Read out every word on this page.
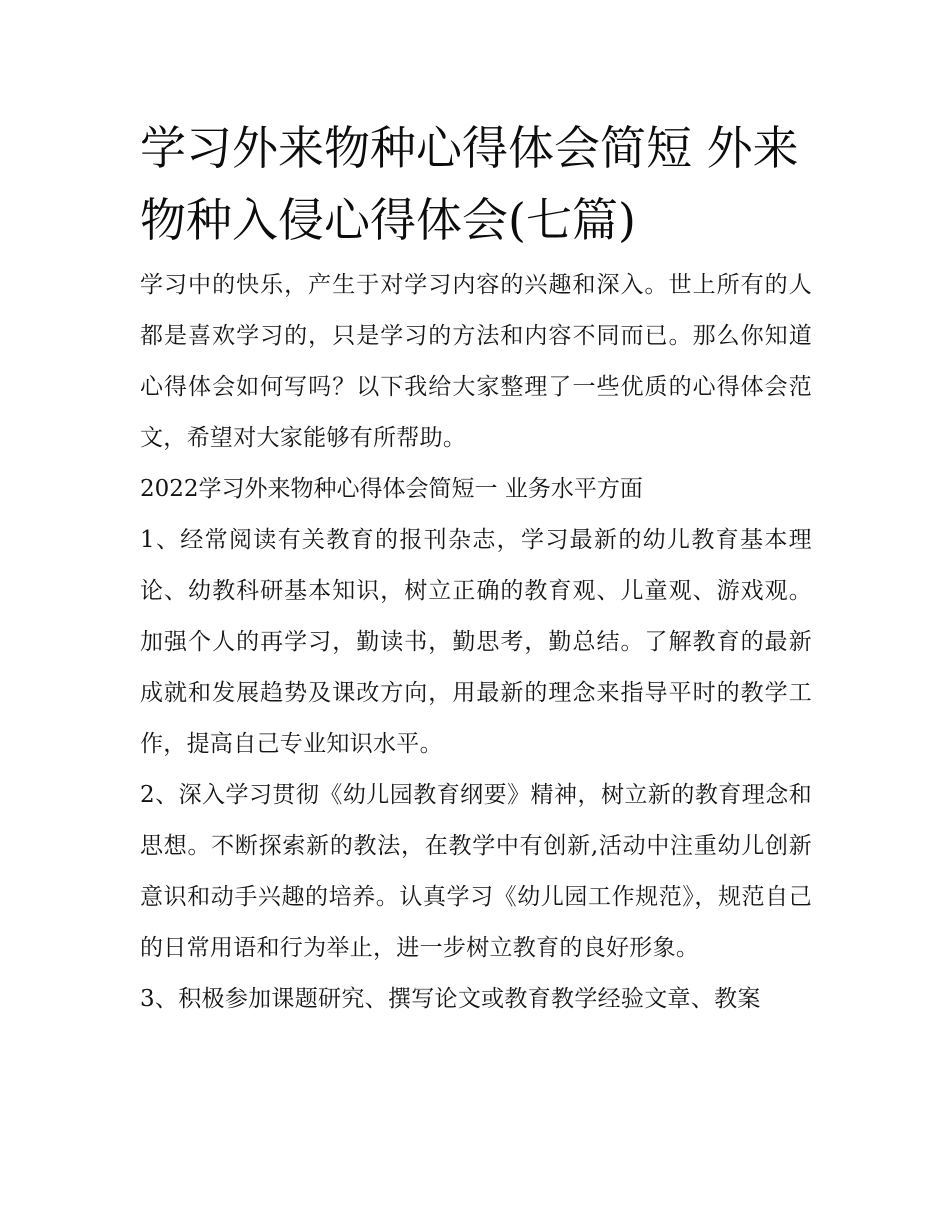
学习外来物种心得体会简短 外来物种入侵心得体会(七篇)

学习中的快乐，产生于对学习内容的兴趣和深入。世上所有的人都是喜欢学习的，只是学习的方法和内容不同而已。那么你知道心得体会如何写吗？以下我给大家整理了一些优质的心得体会范文，希望对大家能够有所帮助。

2022学习外来物种心得体会简短一 业务水平方面

1、经常阅读有关教育的报刊杂志，学习最新的幼儿教育基本理论、幼教科研基本知识，树立正确的教育观、儿童观、游戏观。加强个人的再学习，勤读书，勤思考，勤总结。了解教育的最新成就和发展趋势及课改方向，用最新的理念来指导平时的教学工作，提高自己专业知识水平。

2、深入学习贯彻《幼儿园教育纲要》精神，树立新的教育理念和思想。不断探索新的教法，在教学中有创新,活动中注重幼儿创新意识和动手兴趣的培养。认真学习《幼儿园工作规范》，规范自己的日常用语和行为举止，进一步树立教育的良好形象。

3、积极参加课题研究、撰写论文或教育教学经验文章、教案
